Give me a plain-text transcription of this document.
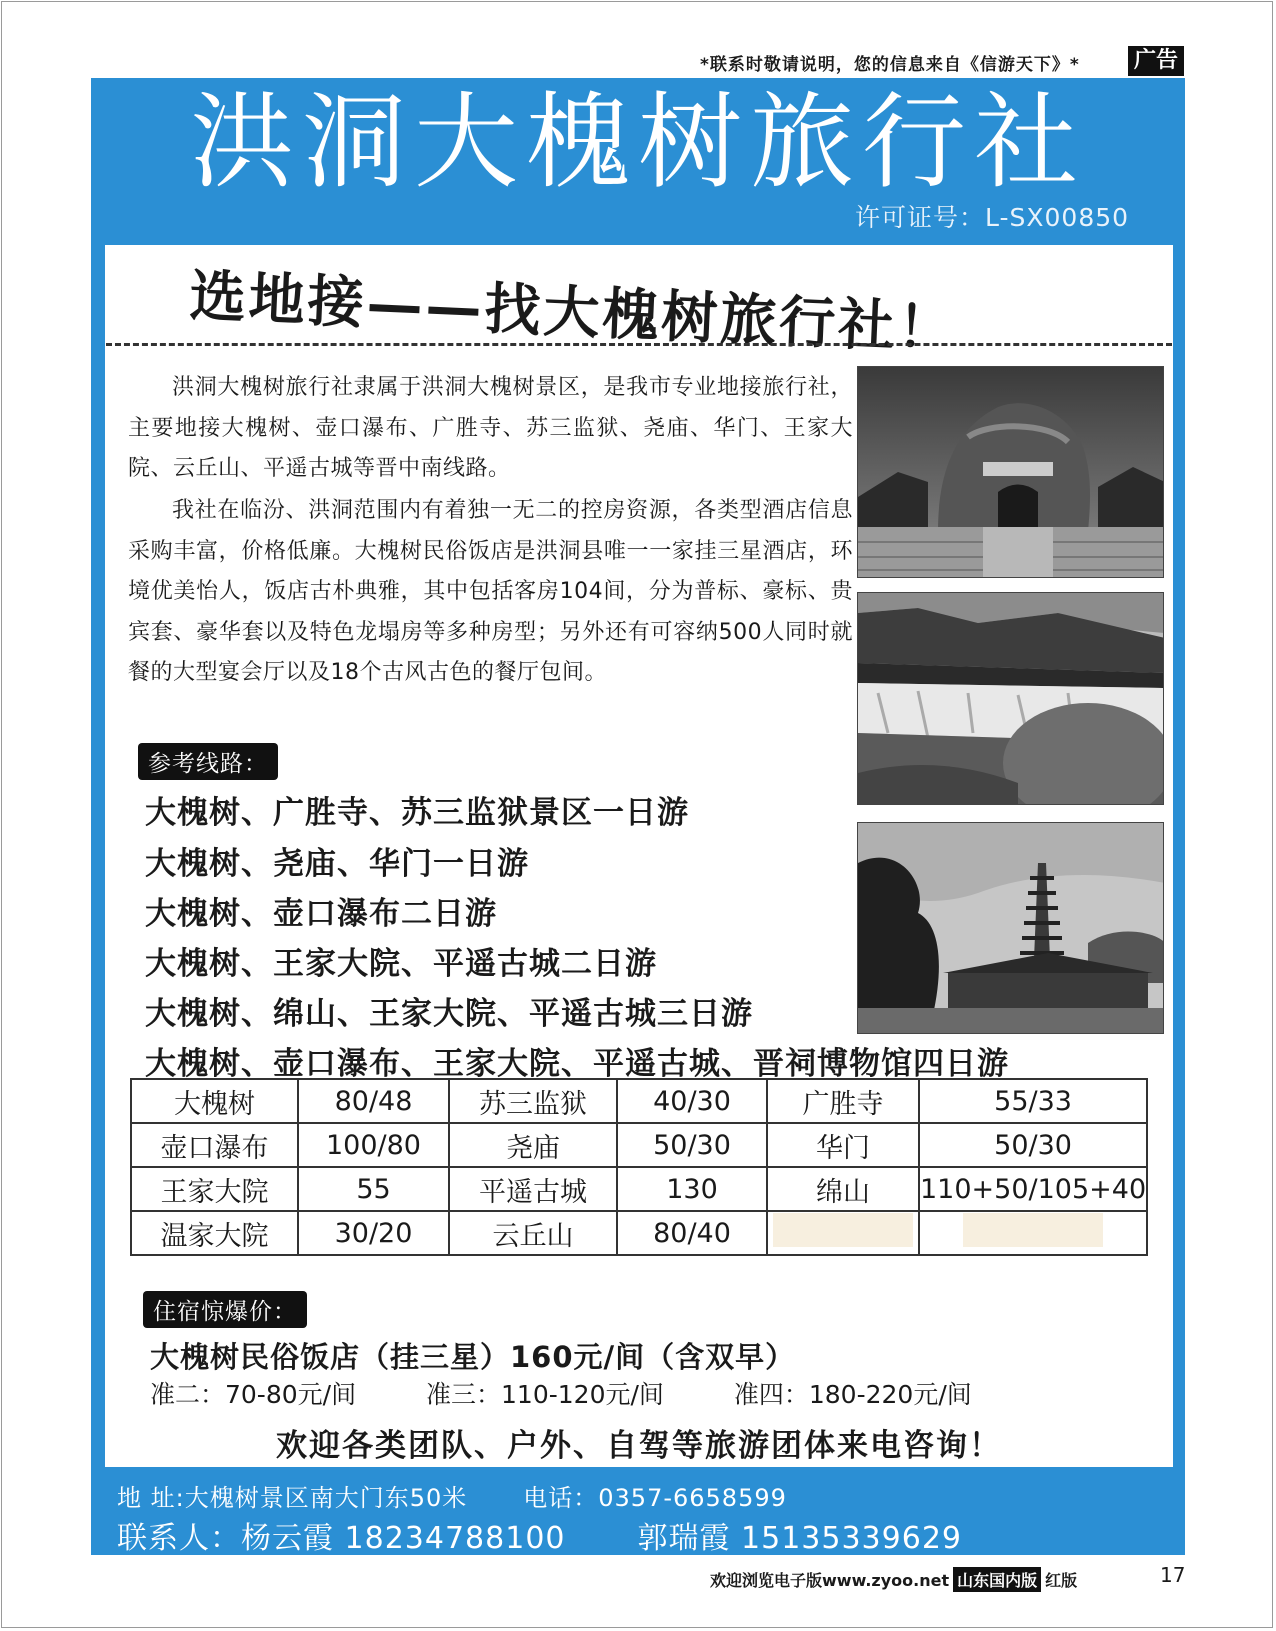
*联系时敬请说明，您的信息来自《信游天下》* 广告
洪洞大槐树旅行社
许可证号：L-SX00850
选地接——找大槐树旅行社！
洪洞大槐树旅行社隶属于洪洞大槐树景区，是我市专业地接旅行社，主要地接大槐树、壶口瀑布、广胜寺、苏三监狱、尧庙、华门、王家大院、云丘山、平遥古城等晋中南线路。
我社在临汾、洪洞范围内有着独一无二的控房资源，各类型酒店信息采购丰富，价格低廉。大槐树民俗饭店是洪洞县唯一一家挂三星酒店，环境优美怡人，饭店古朴典雅，其中包括客房104间，分为普标、豪标、贵宾套、豪华套以及特色龙塌房等多种房型；另外还有可容纳500人同时就餐的大型宴会厅以及18个古风古色的餐厅包间。
参考线路：
大槐树、广胜寺、苏三监狱景区一日游
大槐树、尧庙、华门一日游
大槐树、壶口瀑布二日游
大槐树、王家大院、平遥古城二日游
大槐树、绵山、王家大院、平遥古城三日游
大槐树、壶口瀑布、王家大院、平遥古城、晋祠博物馆四日游
大槐树	80/48	苏三监狱	40/30	广胜寺	55/33
壶口瀑布	100/80	尧庙	50/30	华门	50/30
王家大院	55	平遥古城	130	绵山	110+50/105+40
温家大院	30/20	云丘山	80/40		
住宿惊爆价：
大槐树民俗饭店（挂三星）160元/间（含双早）
准二：70-80元/间	准三：110-120元/间	准四：180-220元/间
欢迎各类团队、户外、自驾等旅游团体来电咨询！
地 址:大槐树景区南大门东50米 电话：0357-6658599
联系人：杨云霞 18234788100 郭瑞霞 15135339629
欢迎浏览电子版www.zyoo.net 山东国内版 红版	17
